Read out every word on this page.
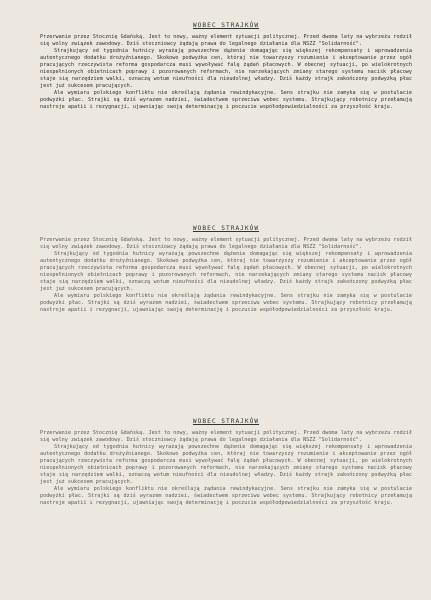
WOBEC STRAJKÓW

Przerwanie przez Stocznię Gdańską. Jest to nowy, ważny element sytuacji politycznej. Przed dwoma laty na wybrzeżu rodził się wolny związek zawodowy. Dziś stoczniowcy żądają prawa do legalnego działania dla NSZZ "Solidarność".

Strajkujący od tygodnia hutnicy wyrażają powszechne dążenie domagając się większej rekompensaty i wprowadzenia autentycznego dodatku drożyźnianego. Skokowo podwyżka cen, któraj nie towarzyszy rozumienie i akceptowanie przez ogół pracujących rzeczywista reforma gospodarcza musi wywoływać falę żądań płacowych. W obecnej sytuacji, po wielokrotnych niespełnionych obietnicach poprawy i pozorowanych reformach, nie narzekających zmiany starego systemu nacisk płacowy staje się narzędziem walki, oznaczą wotum nieufności dla nieudolnej władzy. Dziś każdy strajk zakończony podwyżką płac jest już sukcesem pracujących.

Ale wymiaru polskiego konfliktu nie określają żądania rewindykacyjne. Sens strajku nie zamyka się w postulacie podwyżki płac. Strajki są dziś wyrazem nadziei, świadectwem sprzeciwu wobec systemu. Strajkujący robotnicy przełamują nastroje apatii i rezygnacji, ujawniając swoją determinację i poczucie współodpowiedzialności za przyszłość kraju.

WOBEC STRAJKÓW

Przerwanie przez Stocznię Gdańską. Jest to nowy, ważny element sytuacji politycznej. Przed dwoma laty na wybrzeżu rodził się wolny związek zawodowy. Dziś stoczniowcy żądają prawa do legalnego działania dla NSZZ "Solidarność".

Strajkujący od tygodnia hutnicy wyrażają powszechne dążenie domagając się większej rekompensaty i wprowadzenia autentycznego dodatku drożyźnianego. Skokowo podwyżka cen, któraj nie towarzyszy rozumienie i akceptowanie przez ogół pracujących rzeczywista reforma gospodarcza musi wywoływać falę żądań płacowych. W obecnej sytuacji, po wielokrotnych niespełnionych obietnicach poprawy i pozorowanych reformach, nie narzekających zmiany starego systemu nacisk płacowy staje się narzędziem walki, oznaczą wotum nieufności dla nieudolnej władzy. Dziś każdy strajk zakończony podwyżką płac jest już sukcesem pracujących.

Ale wymiaru polskiego konfliktu nie określają żądania rewindykacyjne. Sens strajku nie zamyka się w postulacie podwyżki płac. Strajki są dziś wyrazem nadziei, świadectwem sprzeciwu wobec systemu. Strajkujący robotnicy przełamują nastroje apatii i rezygnacji, ujawniając swoją determinację i poczucie współodpowiedzialności za przyszłość kraju.

WOBEC STRAJKÓW

Przerwanie przez Stocznię Gdańską. Jest to nowy, ważny element sytuacji politycznej. Przed dwoma laty na wybrzeżu rodził się wolny związek zawodowy. Dziś stoczniowcy żądają prawa do legalnego działania dla NSZZ "Solidarność".

Strajkujący od tygodnia hutnicy wyrażają powszechne dążenie domagając się większej rekompensaty i wprowadzenia autentycznego dodatku drożyźnianego. Skokowo podwyżka cen, któraj nie towarzyszy rozumienie i akceptowanie przez ogół pracujących rzeczywista reforma gospodarcza musi wywoływać falę żądań płacowych. W obecnej sytuacji, po wielokrotnych niespełnionych obietnicach poprawy i pozorowanych reformach, nie narzekających zmiany starego systemu nacisk płacowy staje się narzędziem walki, oznaczą wotum nieufności dla nieudolnej władzy. Dziś każdy strajk zakończony podwyżką płac jest już sukcesem pracujących.

Ale wymiaru polskiego konfliktu nie określają żądania rewindykacyjne. Sens strajku nie zamyka się w postulacie podwyżki płac. Strajki są dziś wyrazem nadziei, świadectwem sprzeciwu wobec systemu. Strajkujący robotnicy przełamują nastroje apatii i rezygnacji, ujawniając swoją determinację i poczucie współodpowiedzialności za przyszłość kraju.
